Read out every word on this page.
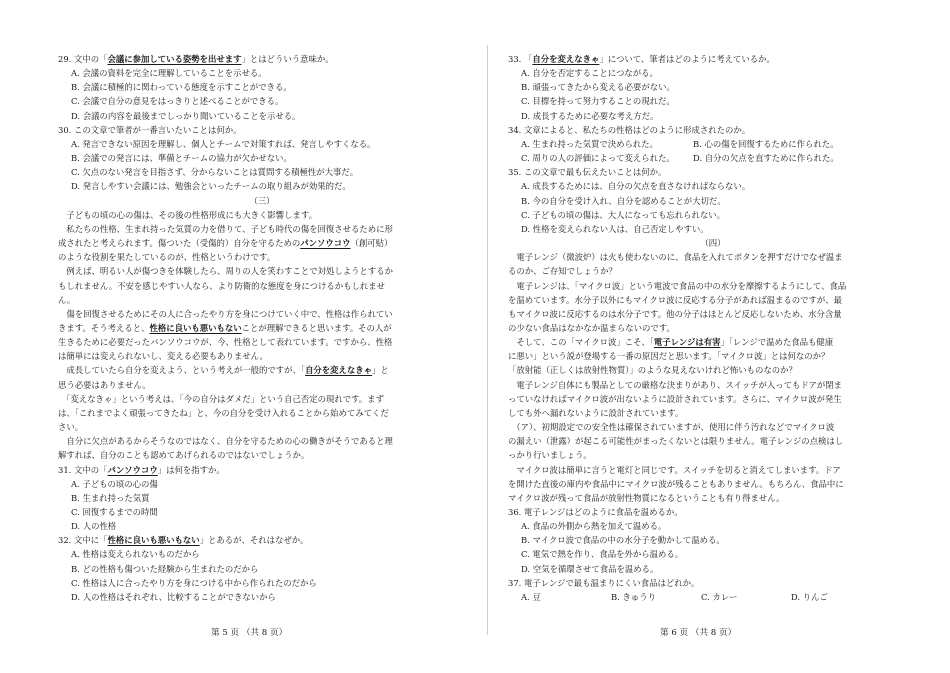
29. 文中の「会議に参加している姿勢を出せます」とはどういう意味か。
A. 会議の資料を完全に理解していることを示せる。
B. 会議に積極的に関わっている態度を示すことができる。
C. 会議で自分の意見をはっきりと述べることができる。
D. 会議の内容を最後までしっかり聞いていることを示せる。
30. この文章で筆者が一番言いたいことは何か。
A. 発言できない原因を理解し、個人とチームで対策すれば、発言しやすくなる。
B. 会議での発言には、準備とチームの協力が欠かせない。
C. 欠点のない発言を目指さず、分からないことは質問する積極性が大事だ。
D. 発言しやすい会議には、勉強会といったチームの取り組みが効果的だ。
（三）
　子どもの頃の心の傷は、その後の性格形成にも大きく影響します。
　私たちの性格、生まれ持った気質の力を借りて、子ども時代の傷を回復させるために形
成されたと考えられます。傷ついた（受傷的）自分を守るためのパンソウコウ（創可贴）
のような役割を果たしているのが、性格というわけです。
　例えば、明るい人が傷つきを体験したら、周りの人を笑わすことで対処しようとするか
もしれません。不安を感じやすい人なら、より防衛的な態度を身につけるかもしれませ
ん。
　傷を回復させるためにその人に合ったやり方を身につけていく中で、性格は作られてい
きます。そう考えると、性格に良いも悪いもないことが理解できると思います。その人が
生きるために必要だったバンソウコウが、今、性格として表れています。ですから、性格
は簡単には変えられないし、変える必要もありません。
　成長していたら自分を変えよう、という考えが一般的ですが、「自分を変えなきゃ」と
思う必要はありません。
　「変えなきゃ」という考えは、「今の自分はダメだ」という自己否定の現れです。まず
は、「これまでよく頑張ってきたね」と、今の自分を受け入れることから始めてみてくだ
さい。
　自分に欠点があるからそうなのではなく、自分を守るための心の働きがそうであると理
解すれば、自分のことも認めてあげられるのではないでしょうか。
31. 文中の「パンソウコウ」は何を指すか。
A. 子どもの頃の心の傷
B. 生まれ持った気質
C. 回復するまでの時間
D. 人の性格
32. 文中に「性格に良いも悪いもない」とあるが、それはなぜか。
A. 性格は変えられないものだから
B. どの性格も傷ついた経験から生まれたのだから
C. 性格は人に合ったやり方を身につける中から作られたのだから
D. 人の性格はそれぞれ、比較することができないから
33. 「自分を変えなきゃ」について、筆者はどのように考えているか。
A. 自分を否定することにつながる。
B. 頑張ってきたから変える必要がない。
C. 目標を持って努力することの現れだ。
D. 成長するために必要な考え方だ。
34. 文章によると、私たちの性格はどのように形成されたのか。
A. 生まれ持った気質で決められた。	B. 心の傷を回復するために作られた。
C. 周りの人の評価によって変えられた。	D. 自分の欠点を直すために作られた。
35. この文章で最も伝えたいことは何か。
A. 成長するためには、自分の欠点を直さなければならない。
B. 今の自分を受け入れ、自分を認めることが大切だ。
C. 子どもの頃の傷は、大人になっても忘れられない。
D. 性格を変えられない人は、自己否定しやすい。
（四）
　電子レンジ（微波炉）は火も使わないのに、食品を入れてボタンを押すだけでなぜ温ま
るのか、ご存知でしょうか？
　電子レンジは、「マイクロ波」という電波で食品の中の水分を摩擦するようにして、食品
を温めています。水分子以外にもマイクロ波に反応する分子があれば温まるのですが、最
もマイクロ波に反応するのは水分子です。他の分子はほとんど反応しないため、水分含量
の少ない食品はなかなか温まらないのです。
　そして、この「マイクロ波」こそ、「電子レンジは有害」「レンジで温めた食品も健康
に悪い」という説が登場する一番の原因だと思います。「マイクロ波」とは何なのか？
「放射能（正しくは放射性物質）」のような見えないけれど怖いものなのか？
　電子レンジ自体にも製品としての厳格な決まりがあり、スイッチが入ってもドアが閉ま
っていなければマイクロ波が出ないように設計されています。さらに、マイクロ波が発生
しても外へ漏れないように設計されています。
　（ア）、初期設定での安全性は確保されていますが、使用に伴う汚れなどでマイクロ波
の漏えい（泄露）が起こる可能性がまったくないとは限りません。電子レンジの点検はし
っかり行いましょう。
　マイクロ波は簡単に言うと電灯と同じです。スイッチを切ると消えてしまいます。ドア
を開けた直後の庫内や食品中にマイクロ波が残ることもありません。もちろん、食品中に
マイクロ波が残って食品が放射性物質になるということも有り得ません。
36. 電子レンジはどのように食品を温めるか。
A. 食品の外側から熱を加えて温める。
B. マイクロ波で食品の中の水分子を動かして温める。
C. 電気で熱を作り、食品を外から温める。
D. 空気を循環させて食品を温める。
37. 電子レンジで最も温まりにくい食品はどれか。
A. 豆	B. きゅうり	C. カレー	D. りんご
第 5 页 （共 8 页）	第 6 页 （共 8 页）
